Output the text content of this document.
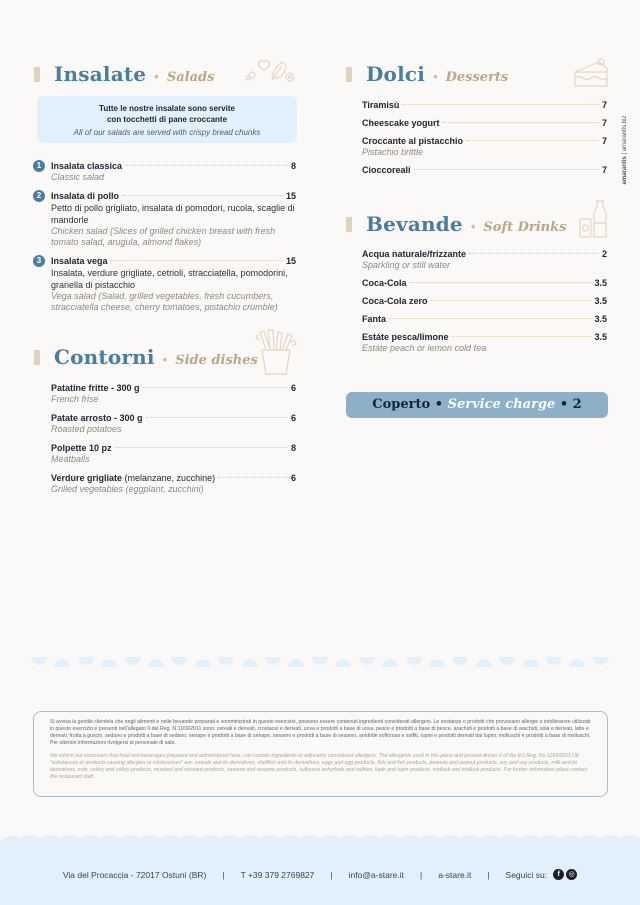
amarantis | amarantis.biz
Insalate • Salads
Tutte le nostre insalate sono servite
con tocchetti di pane croccante
All of our salads are served with crispy bread chunks
1	Insalata classica	8
Classic salad
2	Insalata di pollo	15
Petto di pollo grigliato, insalata di pomodori, rucola, scaglie di mandorle
Chicken salad (Slices of grilled chicken breast with fresh tomato salad, arugula, almond flakes)
3	Insalata vega	15
Insalata, verdure grigliate, cetrioli, stracciatella, pomodorini, granella di pistacchio
Vega salad (Salad, grilled vegetables, fresh cucumbers, stracciatella cheese, cherry tomatoes, pistachio crumble)
Contorni • Side dishes
Patatine fritte - 300 g	6
French frise
Patate arrosto - 300 g	6
Roasted potatoes
Polpette 10 pz	8
Meatballs
Verdure grigliate (melanzane, zucchine)	6
Grilled vegetables (eggplant, zucchini)
Dolci • Desserts
Tiramisù	7
Cheescake yogurt	7
Croccante al pistacchio	7
Pistachio brittle
Cioccoreali	7
Bevande • Soft Drinks
Acqua naturale/frizzante	2
Sparkling or still water
Coca-Cola	3.5
Coca-Cola zero	3.5
Fanta	3.5
Estáte pesca/limone	3.5
Estáte peach or lemon cold tea
Coperto • Service charge • 2

Si avvisa la gentile clientela che negli alimenti e nelle bevande preparati e somministrati in questo esercizio, possono essere contenuti ingredienti considerati allergeni. Le sostanze o prodotti che provocano allergie o intolleranze utilizzati in questo esercizio e presenti nell'allegato II del Reg. N.1169/2011 sono: cereali e derivati, crostacei e derivati, uova e prodotti a base di uova, pesce e prodotti a base di pesce, arachidi e prodotti a base di arachidi, soia e derivati, latte e derivati, frutta a guscio, sedano e prodotti a base di sedano, senape e prodotti a base di senape, sesamo e prodotti a base di sesamo, anidride solforosa e solfiti, lupini e prodotti derivati dai lupini, molluschi e prodotti a base di molluschi. Per ulteriori informazioni rivolgersi al personale di sala.

We inform our customers that food and beverages prepared and administered here, can contain ingredients or adjuvants considered allergens. The allergenic used in this place and present Annex II of the EU Reg. No.1169/2011 UE "substances or products causing allergies or intolerances" are: cereals and its derivatives, shellfish and its derivatives, eggs and egg products, fish and fish products, peanuts and peanut products, soy and soy products, milk and its derivatives, nuts, celery and celery products, mustard and mustard products, sesame and sesame products, sulfurous anhydride and sulfites, lupin and lupin products, mollusk and mollusk products. For further information plase contact the restaurant staff.

Via del Procaccia - 72017 Ostuni (BR) | T +39 379 2769827 | info@a-stare.it | a-stare.it | Seguici su:	f	◎
